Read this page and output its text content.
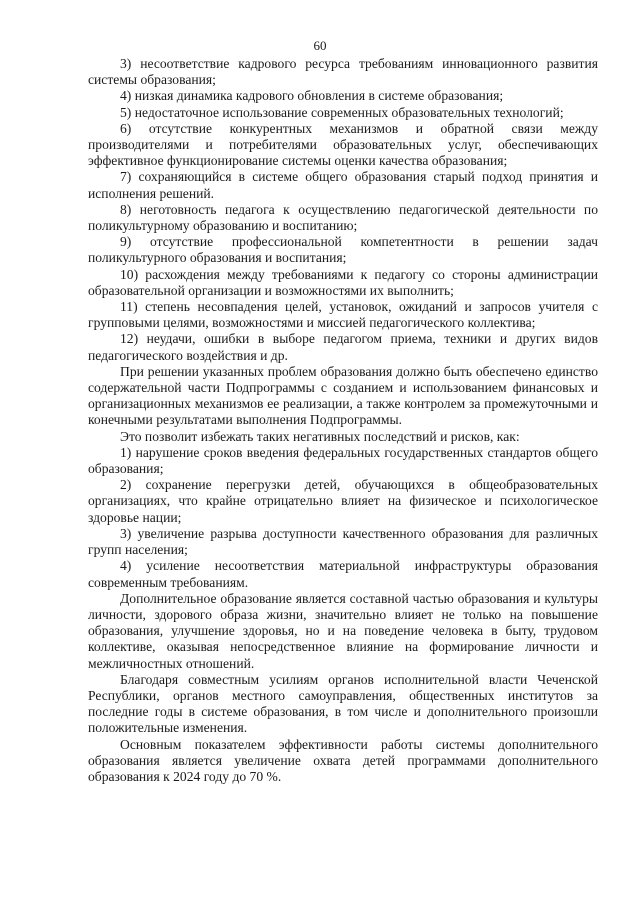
60

3) несоответствие кадрового ресурса требованиям инновационного развития системы образования;

4) низкая динамика кадрового обновления в системе образования;

5) недостаточное использование современных образовательных технологий;

6) отсутствие конкурентных механизмов и обратной связи между производителями и потребителями образовательных услуг, обеспечивающих эффективное функционирование системы оценки качества образования;

7) сохраняющийся в системе общего образования старый подход принятия и исполнения решений.

8) неготовность педагога к осуществлению педагогической деятельности по поликультурному образованию и воспитанию;

9) отсутствие профессиональной компетентности в решении задач поликультурного образования и воспитания;

10) расхождения между требованиями к педагогу со стороны администрации образовательной организации и возможностями их выполнить;

11) степень несовпадения целей, установок, ожиданий и запросов учителя с групповыми целями, возможностями и миссией педагогического коллектива;

12) неудачи, ошибки в выборе педагогом приема, техники и других видов педагогического воздействия и др.

При решении указанных проблем образования должно быть обеспечено единство содержательной части Подпрограммы с созданием и использованием финансовых и организационных механизмов ее реализации, а также контролем за промежуточными и конечными результатами выполнения Подпрограммы.

Это позволит избежать таких негативных последствий и рисков, как:

1) нарушение сроков введения федеральных государственных стандартов общего образования;

2) сохранение перегрузки детей, обучающихся в общеобразовательных организациях, что крайне отрицательно влияет на физическое и психологическое здоровье нации;

3) увеличение разрыва доступности качественного образования для различных групп населения;

4) усиление несоответствия материальной инфраструктуры образования современным требованиям.

Дополнительное образование является составной частью образования и культуры личности, здорового образа жизни, значительно влияет не только на повышение образования, улучшение здоровья, но и на поведение человека в быту, трудовом коллективе, оказывая непосредственное влияние на формирование личности и межличностных отношений.

Благодаря совместным усилиям органов исполнительной власти Чеченской Республики, органов местного самоуправления, общественных институтов за последние годы в системе образования, в том числе и дополнительного произошли положительные изменения.

Основным показателем эффективности работы системы дополнительного образования является увеличение охвата детей программами дополнительного образования к 2024 году до 70 %.
